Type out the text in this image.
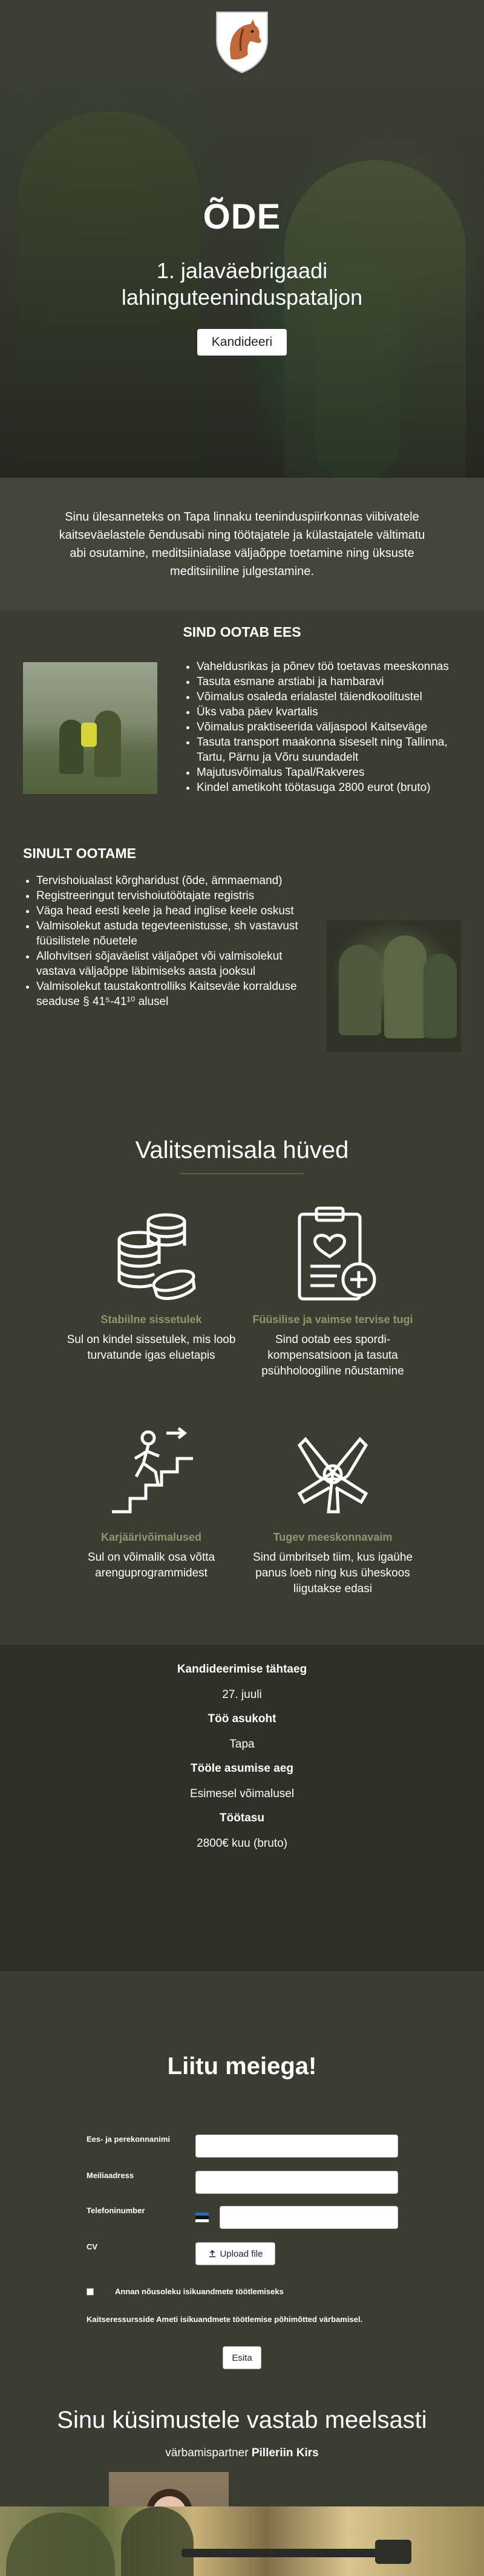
ÕDE
1. jalaväebrigaadi
lahinguteeninduspataljon
Kandideeri

Sinu ülesanneteks on Tapa linnaku teeninduspiirkonnas viibivatele kaitseväelastele õendusabi ning töötajatele ja külastajatele vältimatu abi osutamine, meditsiinialase väljaõppe toetamine ning üksuste meditsiiniline julgestamine.

SIND OOTAB EES
• Vaheldusrikas ja põnev töö toetavas meeskonnas
• Tasuta esmane arstiabi ja hambaravi
• Võimalus osaleda erialastel täiendkoolitustel
• Üks vaba päev kvartalis
• Võimalus praktiseerida väljaspool Kaitseväge
• Tasuta transport maakonna siseselt ning Tallinna, Tartu, Pärnu ja Võru suundadelt
• Majutusvõimalus Tapal/Rakveres
• Kindel ametikoht töötasuga 2800 eurot (bruto)
SINULT OOTAME
• Tervishoiualast kõrgharidust (õde, ämmaemand)
• Registreeringut tervishoiutöötajate registris
• Väga head eesti keele ja head inglise keele oskust
• Valmisolekut astuda tegevteenistusse, sh vastavust füüsilistele nõuetele
• Allohvitseri sõjaväelist väljaõpet või valmisolekut vastava väljaõppe läbimiseks aasta jooksul
• Valmisolekut taustakontrolliks Kaitseväe korralduse seaduse § 41⁵-41¹⁰ alusel
Valitsemisala hüved
Stabiilne sissetulek
Sul on kindel sissetulek, mis loob turvatunde igas eluetapis
Füüsilise ja vaimse tervise tugi
Sind ootab ees spordi-kompensatsioon ja tasuta psühholoogiline nõustamine
Karjäärivõimalused
Sul on võimalik osa võtta arenguprogrammidest
Tugev meeskonnavaim
Sind ümbritseb tiim, kus igaühe panus loeb ning kus üheskoos liigutakse edasi
Kandideerimise tähtaeg
27. juuli
Töö asukoht
Tapa
Tööle asumise aeg
Esimesel võimalusel
Töötasu
2800€ kuu (bruto)
Liitu meiega!
Ees- ja perekonnanimi
Meiliaadress
Telefoninumber
CV
Upload file
Annan nõusoleku isikuandmete töötlemiseks
Kaitseressursside Ameti isikuandmete töötlemise põhimõtted värbamisel.
Esita
Sinu küsimustele vastab meelsasti
värbamispartner Pilleriin Kirs
